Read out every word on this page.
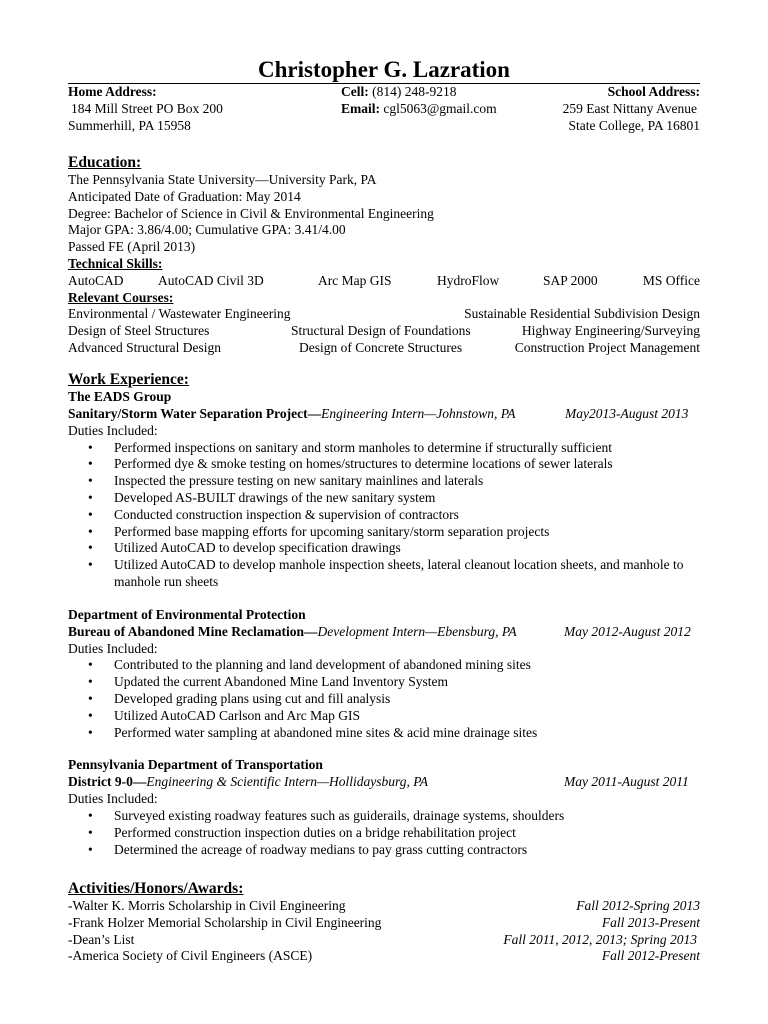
Christopher G. Lazration
Home Address:
184 Mill Street PO Box 200
Summerhill, PA 15958
Cell: (814) 248-9218
Email: cgl5063@gmail.com
School Address:
259 East Nittany Avenue
State College, PA 16801
Education:
The Pennsylvania State University—University Park, PA
Anticipated Date of Graduation: May 2014
Degree: Bachelor of Science in Civil & Environmental Engineering
Major GPA: 3.86/4.00; Cumulative GPA: 3.41/4.00
Passed FE (April 2013)
Technical Skills:
AutoCAD	AutoCAD Civil 3D	Arc Map GIS	HydroFlow	SAP 2000	MS Office
Relevant Courses:
Environmental / Wastewater Engineering	Sustainable Residential Subdivision Design
Design of Steel Structures	Structural Design of Foundations	Highway Engineering/Surveying
Advanced Structural Design	Design of Concrete Structures	Construction Project Management
Work Experience:
The EADS Group
Sanitary/Storm Water Separation Project—Engineering Intern—Johnstown, PA	May2013-August 2013
Duties Included:
• Performed inspections on sanitary and storm manholes to determine if structurally sufficient
• Performed dye & smoke testing on homes/structures to determine locations of sewer laterals
• Inspected the pressure testing on new sanitary mainlines and laterals
• Developed AS-BUILT drawings of the new sanitary system
• Conducted construction inspection & supervision of contractors
• Performed base mapping efforts for upcoming sanitary/storm separation projects
• Utilized AutoCAD to develop specification drawings
• Utilized AutoCAD to develop manhole inspection sheets, lateral cleanout location sheets, and manhole to manhole run sheets
Department of Environmental Protection
Bureau of Abandoned Mine Reclamation—Development Intern—Ebensburg, PA	May 2012-August 2012
Duties Included:
• Contributed to the planning and land development of abandoned mining sites
• Updated the current Abandoned Mine Land Inventory System
• Developed grading plans using cut and fill analysis
• Utilized AutoCAD Carlson and Arc Map GIS
• Performed water sampling at abandoned mine sites & acid mine drainage sites
Pennsylvania Department of Transportation
District 9-0—Engineering & Scientific Intern—Hollidaysburg, PA	May 2011-August 2011
Duties Included:
• Surveyed existing roadway features such as guiderails, drainage systems, shoulders
• Performed construction inspection duties on a bridge rehabilitation project
• Determined the acreage of roadway medians to pay grass cutting contractors
Activities/Honors/Awards:
-Walter K. Morris Scholarship in Civil Engineering	Fall 2012-Spring 2013
-Frank Holzer Memorial Scholarship in Civil Engineering	Fall 2013-Present
-Dean’s List	Fall 2011, 2012, 2013; Spring 2013
-America Society of Civil Engineers (ASCE)	Fall 2012-Present
